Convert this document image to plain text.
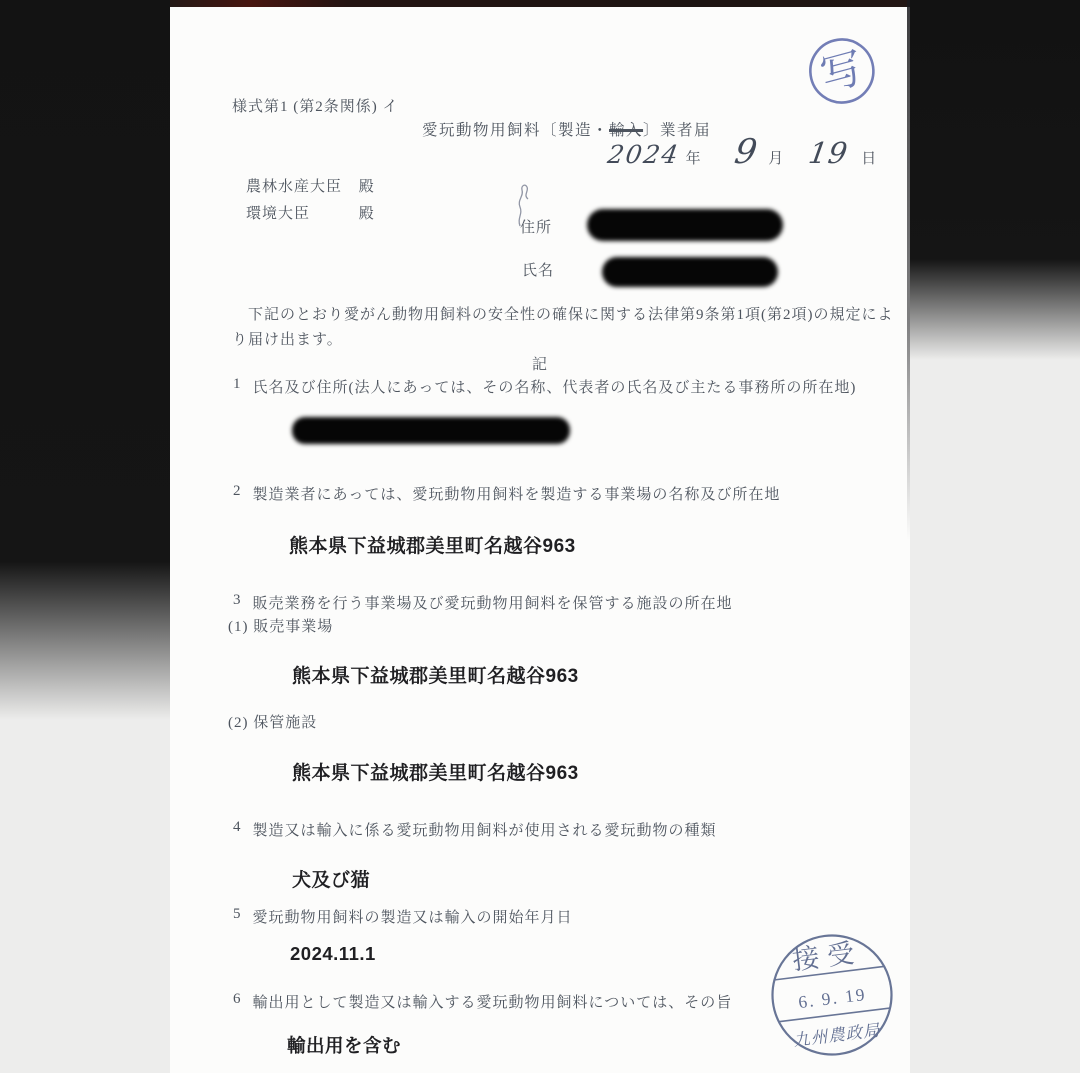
様式第1 (第2条関係) イ
愛玩動物用飼料〔製造・輸入〕業者届
2024 年 9 月 19 日
農林水産大臣 殿
環境大臣	殿
住所
氏名
下記のとおり愛がん動物用飼料の安全性の確保に関する法律第9条第1項(第2項)の規定により届け出ます。
記
1 氏名及び住所(法人にあっては、その名称、代表者の氏名及び主たる事務所の所在地)
2 製造業者にあっては、愛玩動物用飼料を製造する事業場の名称及び所在地
熊本県下益城郡美里町名越谷963
3 販売業務を行う事業場及び愛玩動物用飼料を保管する施設の所在地
(1) 販売事業場
熊本県下益城郡美里町名越谷963
(2) 保管施設
熊本県下益城郡美里町名越谷963
4 製造又は輸入に係る愛玩動物用飼料が使用される愛玩動物の種類
犬及び猫
5 愛玩動物用飼料の製造又は輸入の開始年月日
2024.11.1
6 輸出用として製造又は輸入する愛玩動物用飼料については、その旨
輸出用を含む
写
接受
6. 9. 19
九州農政局
